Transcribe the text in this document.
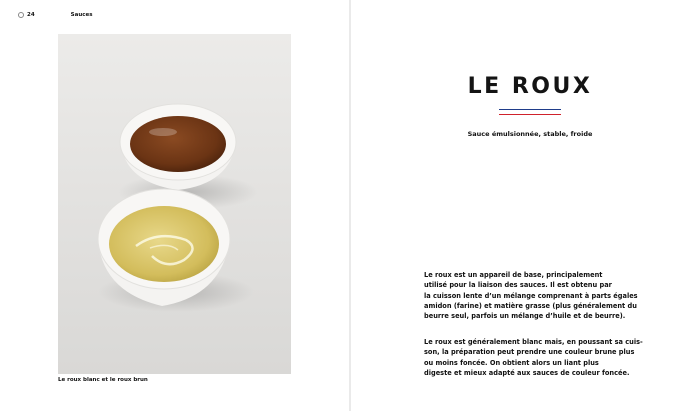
24	Sauces
Le roux blanc et le roux brun
LE ROUX
Sauce émulsionnée, stable, froide
Le roux est un appareil de base, principalement
utilisé pour la liaison des sauces. Il est obtenu par
la cuisson lente d’un mélange comprenant à parts égales
amidon (farine) et matière grasse (plus généralement du
beurre seul, parfois un mélange d’huile et de beurre).
Le roux est généralement blanc mais, en poussant sa cuis-
son, la préparation peut prendre une couleur brune plus
ou moins foncée. On obtient alors un liant plus
digeste et mieux adapté aux sauces de couleur foncée.
